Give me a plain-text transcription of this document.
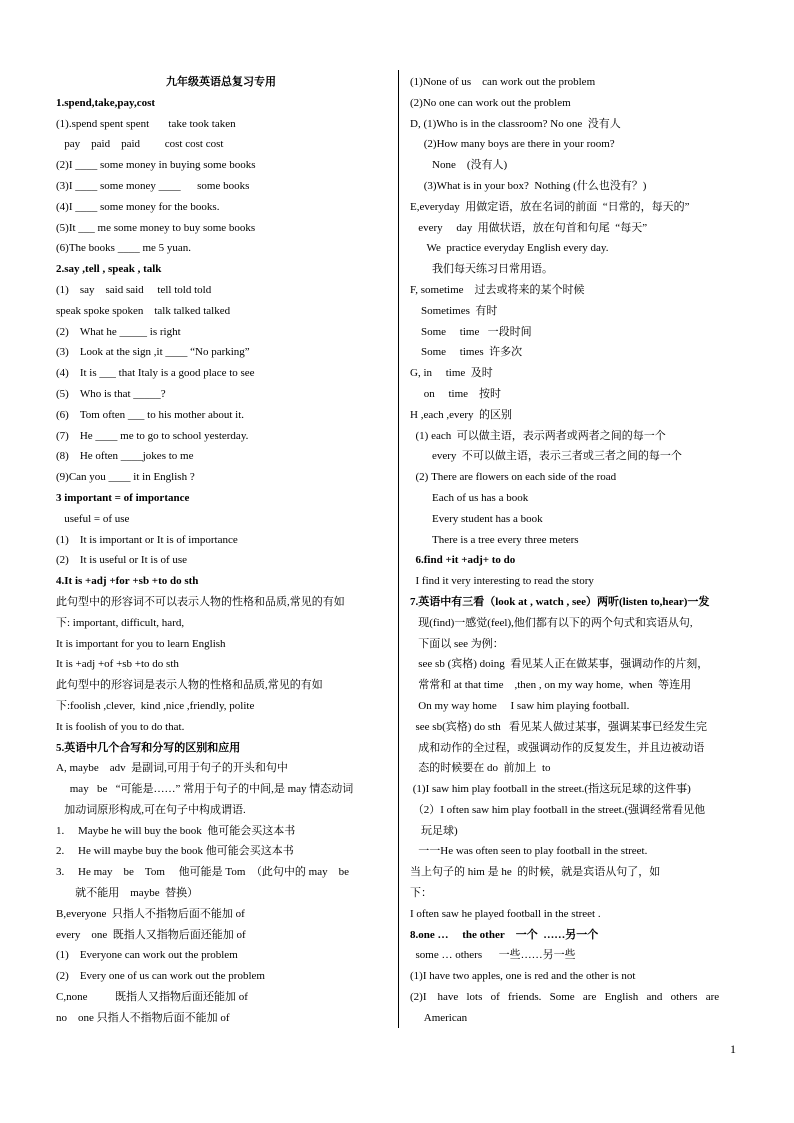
九年级英语总复习专用
1.spend,take,pay,cost
(1).spend spent spent       take took taken
pay    paid    paid         cost cost cost
(2)I ____ some money in buying some books
(3)I ____ some money ____      some books
(4)I ____ some money for the books.
(5)It ___ me some money to buy some books
(6)The books ____ me 5 yuan.
2.say ,tell , speak , talk
(1)    say    said said     tell told told
speak spoke spoken    talk talked talked
(2)    What he _____ is right
(3)    Look at the sign ,it ____ “No parking”
(4)    It is ___ that Italy is a good place to see
(5)    Who is that _____?
(6)    Tom often ___ to his mother about it.
(7)    He ____ me to go to school yesterday.
(8)    He often ____jokes to me
(9)Can you ____ it in English ?
3 important = of importance
useful = of use
(1)    It is important or It is of importance
(2)    It is useful or It is of use
4.It is +adj +for +sb +to do sth
此句型中的形容词不可以表示人物的性格和品质,常见的有如
下: important, difficult, hard,
It is important for you to learn English
It is +adj +of +sb +to do sth
此句型中的形容词是表示人物的性格和品质,常见的有如
下:foolish ,clever,  kind ,nice ,friendly, polite
It is foolish of you to do that.
5.英语中几个合写和分写的区别和应用
A, maybe    adv  是副词,可用于句子的开头和句中
may   be   “可能是……” 常用于句子的中间,是 may 情态动词
加动词原形构成,可在句子中构成谓语.
1.     Maybe he will buy the book  他可能会买这本书
2.     He will maybe buy the book 他可能会买这本书
3.     He may    be    Tom     他可能是 Tom  （此句中的 may    be
就不能用    maybe  替换）
B,everyone  只指人不指物后面不能加 of
every    one  既指人又指物后面还能加 of
(1)    Everyone can work out the problem
(2)    Every one of us can work out the problem
C,none          既指人又指物后面还能加 of
no    one 只指人不指物后面不能加 of
(1)None of us    can work out the problem
(2)No one can work out the problem
D, (1)Who is in the classroom? No one  没有人
(2)How many boys are there in your room?
None    (没有人)
(3)What is in your box?  Nothing (什么也没有？)
E,everyday  用做定语，放在名词的前面  “日常的，每天的”
every     day  用做状语，放在句首和句尾  “每天”
We  practice everyday English every day.
我们每天练习日常用语。
F, sometime    过去或将来的某个时候
Sometimes  有时
Some     time   一段时间
Some     times  许多次
G, in     time  及时
on     time    按时
H ,each ,every  的区别
(1) each  可以做主语，表示两者或两者之间的每一个
every  不可以做主语，表示三者或三者之间的每一个
(2) There are flowers on each side of the road
Each of us has a book
Every student has a book
There is a tree every three meters
6.find +it +adj+ to do
I find it very interesting to read the story
7.英语中有三看（look at , watch , see）两听(listen to,hear)一发
现(find)一感觉(feel),他们都有以下的两个句式和宾语从句,
下面以 see 为例：
see sb (宾格) doing  看见某人正在做某事，强调动作的片刻，
常常和 at that time    ,then , on my way home,  when  等连用
On my way home     I saw him playing football.
see sb(宾格) do sth   看见某人做过某事，强调某事已经发生完
成和动作的全过程，或强调动作的反复发生，并且边被动语
态的时候要在 do  前加上  to
(1)I saw him play football in the street.(指这玩足球的这件事)
（2）I often saw him play football in the street.(强调经常看见他
玩足球)
一一He was often seen to play football in the street.
当上句子的 him 是 he  的时候，就是宾语从句了，如
下：
I often saw he played football in the street .
8.one …     the other    一个  ……另一个
some … others      一些……另一些
(1)I have two apples, one is red and the other is not
(2)I    have   lots   of   friends.   Some   are   English   and   others   are
American
1
